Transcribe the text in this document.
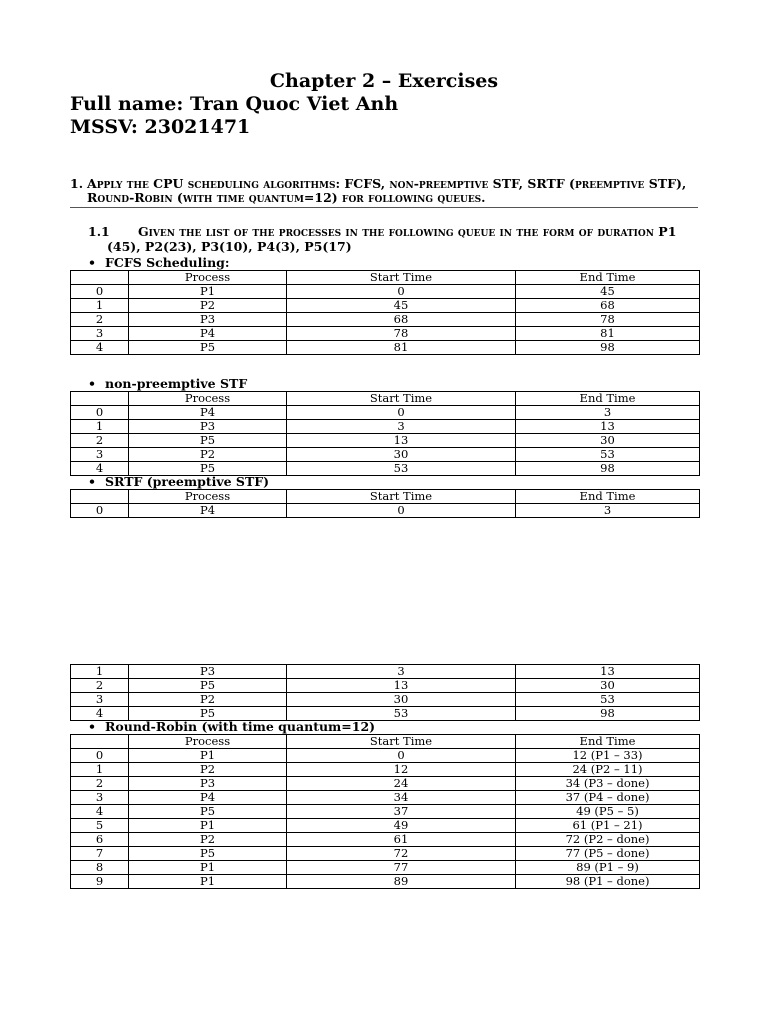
Chapter 2 – Exercises
Full name: Tran Quoc Viet Anh
MSSV: 23021471
1. Apply the CPU scheduling algorithms: FCFS, non-preemptive STF, SRTF (preemptive STF), Round-Robin (with time quantum=12) for following queues.
1.1 Given the list of the processes in the following queue in the form of duration P1
(45), P2(23), P3(10), P4(3), P5(17)
• FCFS Scheduling:
	Process	Start Time	End Time
0	P1	0	45
1	P2	45	68
2	P3	68	78
3	P4	78	81
4	P5	81	98
• non-preemptive STF
	Process	Start Time	End Time
0	P4	0	3
1	P3	3	13
2	P5	13	30
3	P2	30	53
4	P5	53	98
• SRTF (preemptive STF)
	Process	Start Time	End Time
0	P4	0	3
1	P3	3	13
2	P5	13	30
3	P2	30	53
4	P5	53	98
• Round-Robin (with time quantum=12)
	Process	Start Time	End Time
0	P1	0	12 (P1 – 33)
1	P2	12	24 (P2 – 11)
2	P3	24	34 (P3 – done)
3	P4	34	37 (P4 – done)
4	P5	37	49 (P5 – 5)
5	P1	49	61 (P1 – 21)
6	P2	61	72 (P2 – done)
7	P5	72	77 (P5 – done)
8	P1	77	89 (P1 – 9)
9	P1	89	98 (P1 – done)
